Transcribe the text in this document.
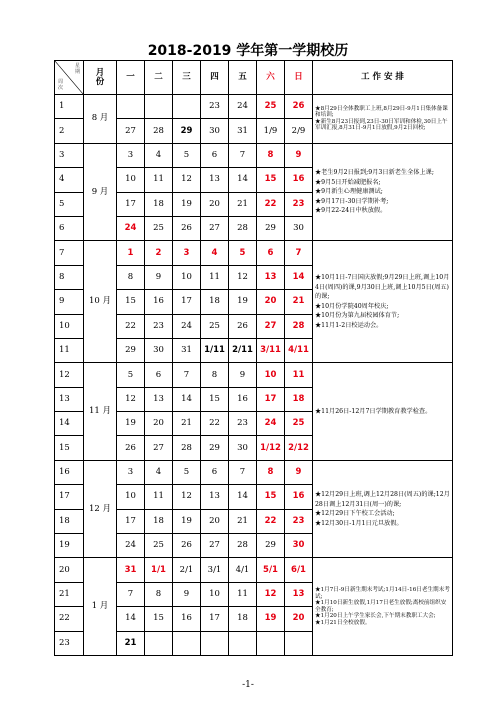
2018-2019 学年第一学期校历
星
期
周
次	月
份	一	二	三	四	五	六	日	工 作 安 排
1	8 月				23	24	25	26	★8月29日全体教职工上班,8月29日-9月1日集体备课和培训;

★新生8月23日报到,23日-30日军训和体检,30日上午军训汇报,8月31日-9月1日放假,9月2日回校;

2		27	28	29	30	31	1/9	2/9	
3	9 月	3	4	5	6	7	8	9	★老生9月2日报到;9月3日新老生全体上课;

★9月5日开始减肥报名;

★9月新生心理健康测试;

★9月17日-30日学期补考;

★9月22-24日中秋放假。

4		10	11	12	13	14	15	16	
5		17	18	19	20	21	22	23	
6		24	25	26	27	28	29	30	
7	10 月	1	2	3	4	5	6	7	★10月1日-7日国庆放假;9月29日上班,调上10月4日(周四)的课,9月30日上班,调上10月5日(周五)的课;

★10月份学院40周年校庆;

★10月份为第九届校园体育节;

★11月1-2日校运动会。

8		8	9	10	11	12	13	14	
9		15	16	17	18	19	20	21	
10		22	23	24	25	26	27	28	
11		29	30	31	1/11	2/11	3/11	4/11	
12	11 月	5	6	7	8	9	10	11	★11月26日-12月7日学期教育教学检查。

13		12	13	14	15	16	17	18	
14		19	20	21	22	23	24	25	
15		26	27	28	29	30	1/12	2/12	
16	12 月	3	4	5	6	7	8	9	★12月29日上班,调上12月28日(周五)的课;12月28日调上12月31日(周一)的课;

★12月29日下午校工会活动;

★12月30日-1月1日元旦放假。

17		10	11	12	13	14	15	16	
18		17	18	19	20	21	22	23	
19		24	25	26	27	28	29	30	
20	1 月	31	1/1	2/1	3/1	4/1	5/1	6/1	★1月7日-9日新生期末考试;1月14日-16日老生期末考试;

★1月10日新生放假,1月17日老生放假;离校前组织安全教育;

★1月20日上午学生家长会,下午期末教职工大会;

★1月21日全校放假。

21		7	8	9	10	11	12	13	
22		14	15	16	17	18	19	20	
23		21							
-1-
